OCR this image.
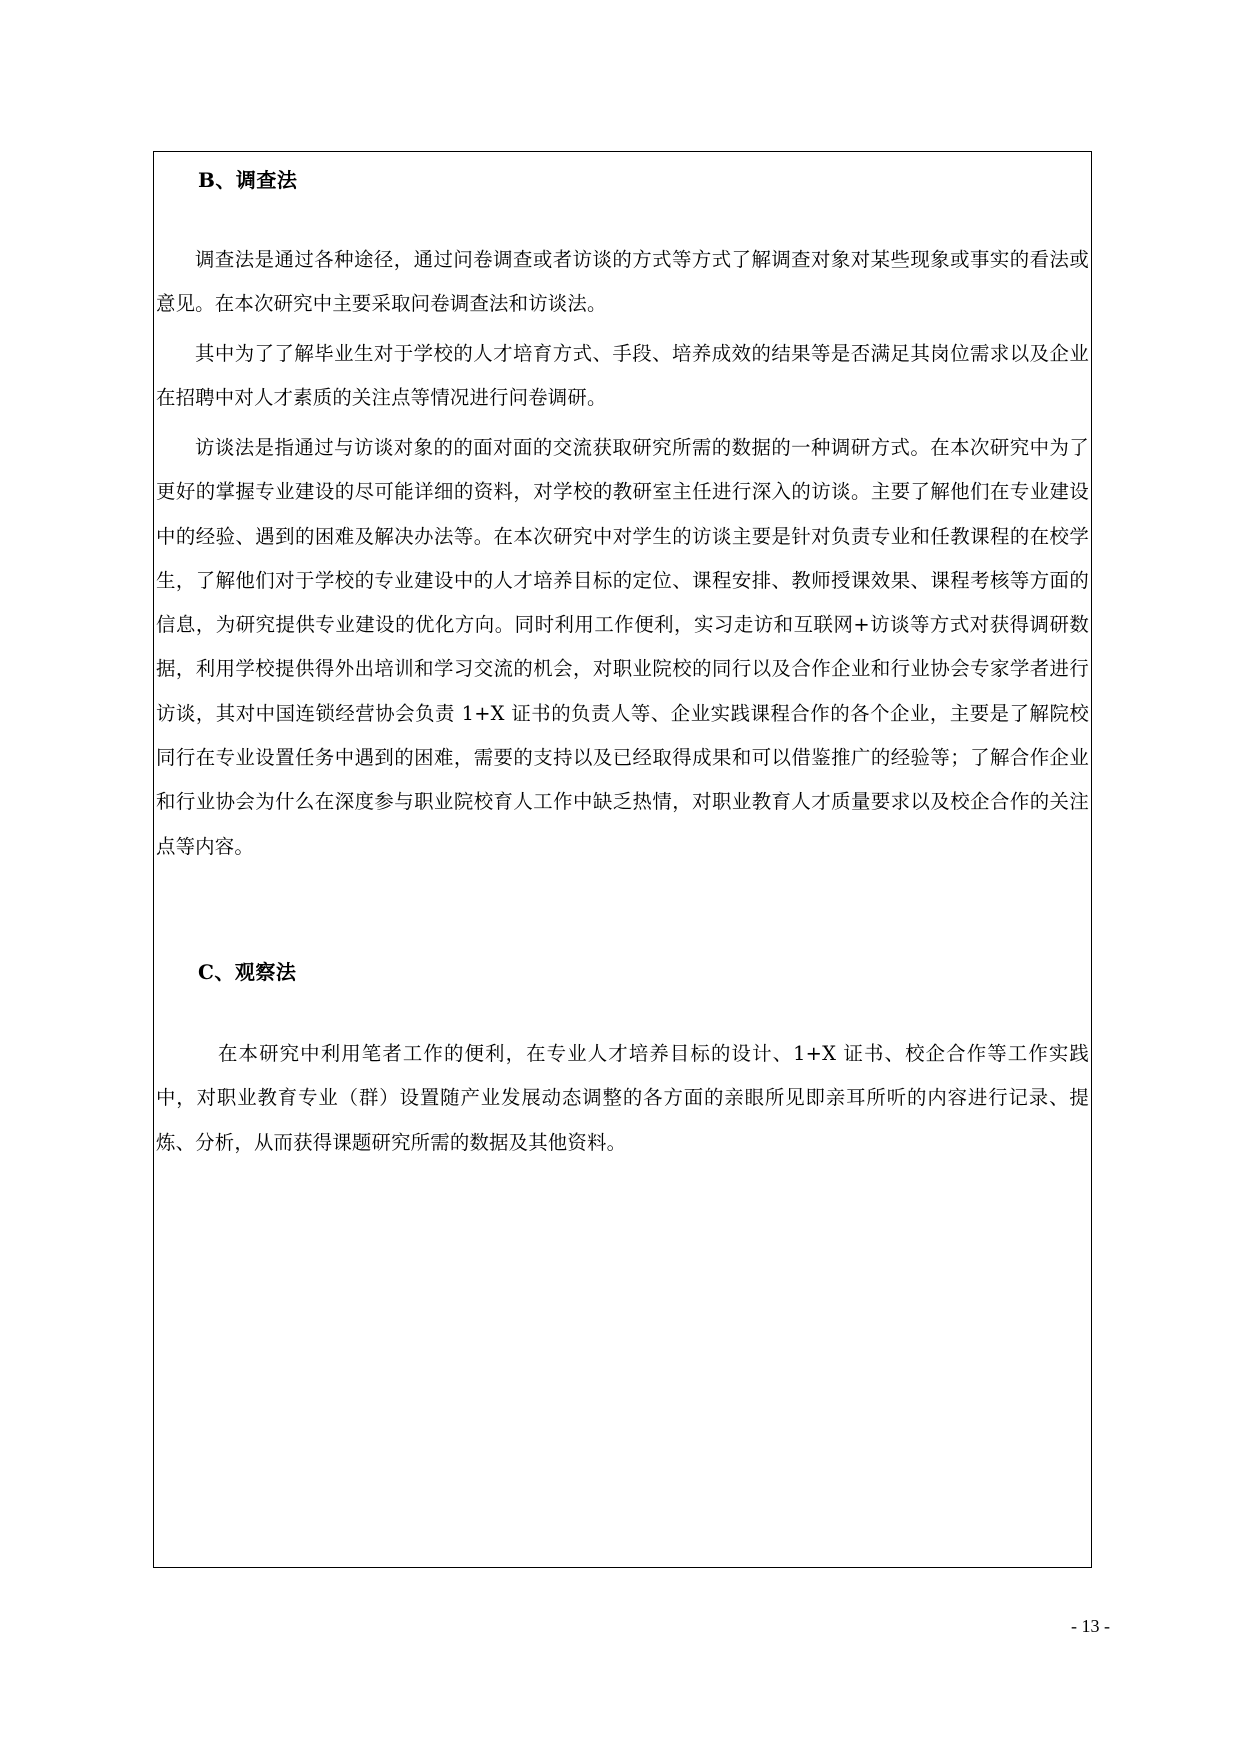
B、调查法
调查法是通过各种途径，通过问卷调查或者访谈的方式等方式了解调查对象对某些现象或事实的看法或意见。在本次研究中主要采取问卷调查法和访谈法。
其中为了了解毕业生对于学校的人才培育方式、手段、培养成效的结果等是否满足其岗位需求以及企业在招聘中对人才素质的关注点等情况进行问卷调研。
访谈法是指通过与访谈对象的的面对面的交流获取研究所需的数据的一种调研方式。在本次研究中为了更好的掌握专业建设的尽可能详细的资料，对学校的教研室主任进行深入的访谈。主要了解他们在专业建设中的经验、遇到的困难及解决办法等。在本次研究中对学生的访谈主要是针对负责专业和任教课程的在校学生，了解他们对于学校的专业建设中的人才培养目标的定位、课程安排、教师授课效果、课程考核等方面的信息，为研究提供专业建设的优化方向。同时利用工作便利，实习走访和互联网+访谈等方式对获得调研数据，利用学校提供得外出培训和学习交流的机会，对职业院校的同行以及合作企业和行业协会专家学者进行访谈，其对中国连锁经营协会负责 1+X 证书的负责人等、企业实践课程合作的各个企业，主要是了解院校同行在专业设置任务中遇到的困难，需要的支持以及已经取得成果和可以借鉴推广的经验等；了解合作企业和行业协会为什么在深度参与职业院校育人工作中缺乏热情，对职业教育人才质量要求以及校企合作的关注点等内容。
C、观察法
在本研究中利用笔者工作的便利，在专业人才培养目标的设计、1+X 证书、校企合作等工作实践中，对职业教育专业（群）设置随产业发展动态调整的各方面的亲眼所见即亲耳所听的内容进行记录、提炼、分析，从而获得课题研究所需的数据及其他资料。
- 13 -
